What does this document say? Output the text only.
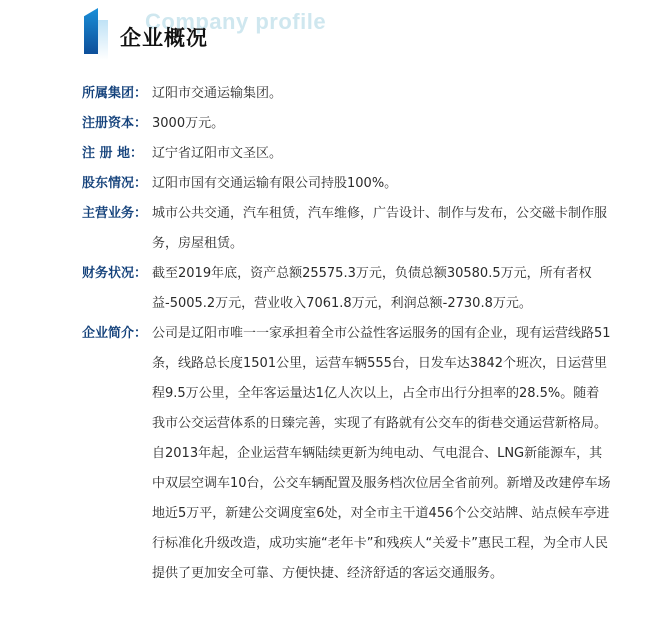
Company profile
企业概况
所属集团： 辽阳市交通运输集团。
注册资本： 3000万元。
注 册 地： 辽宁省辽阳市文圣区。
股东情况： 辽阳市国有交通运输有限公司持股100%。
主营业务： 城市公共交通，汽车租赁，汽车维修，广告设计、制作与发布，公交磁卡制作服务，房屋租赁。
财务状况： 截至2019年底，资产总额25575.3万元，负债总额30580.5万元，所有者权益-5005.2万元，营业收入7061.8万元，利润总额-2730.8万元。
企业简介： 公司是辽阳市唯一一家承担着全市公益性客运服务的国有企业，现有运营线路51条，线路总长度1501公里，运营车辆555台，日发车达3842个班次，日运营里程9.5万公里，全年客运量达1亿人次以上，占全市出行分担率的28.5%。随着我市公交运营体系的日臻完善，实现了有路就有公交车的街巷交通运营新格局。自2013年起，企业运营车辆陆续更新为纯电动、气电混合、LNG新能源车，其中双层空调车10台，公交车辆配置及服务档次位居全省前列。新增及改建停车场地近5万平，新建公交调度室6处，对全市主干道456个公交站牌、站点候车亭进行标准化升级改造，成功实施“老年卡”和残疾人“关爱卡”惠民工程，为全市人民提供了更加安全可靠、方便快捷、经济舒适的客运交通服务。
